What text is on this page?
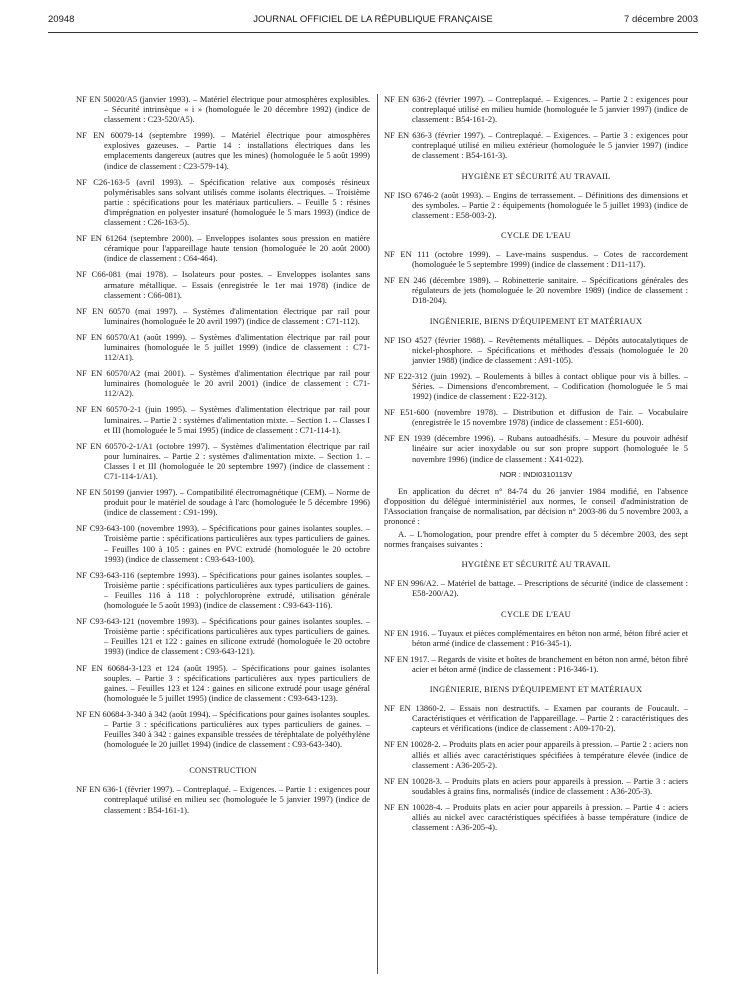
20948	JOURNAL OFFICIEL DE LA RÉPUBLIQUE FRANÇAISE	7 décembre 2003
NF EN 50020/A5 (janvier 1993). – Matériel électrique pour atmosphères explosibles. – Sécurité intrinsèque « i » (homologuée le 20 décembre 1992) (indice de classement : C23-520/A5).
NF EN 60079-14 (septembre 1999). – Matériel électrique pour atmosphères explosives gazeuses. – Partie 14 : installations électriques dans les emplacements dangereux (autres que les mines) (homologuée le 5 août 1999) (indice de classement : C23-579-14).
NF C26-163-5 (avril 1993). – Spécification relative aux composés résineux polymérisables sans solvant utilisés comme isolants électriques. – Troisième partie : spécifications pour les matériaux particuliers. – Feuille 5 : résines d'imprégnation en polyester insaturé (homologuée le 5 mars 1993) (indice de classement : C26-163-5).
NF EN 61264 (septembre 2000). – Enveloppes isolantes sous pression en matière céramique pour l'appareillage haute tension (homologuée le 20 août 2000) (indice de classement : C64-464).
NF C66-081 (mai 1978). – Isolateurs pour postes. – Enveloppes isolantes sans armature métallique. – Essais (enregistrée le 1er mai 1978) (indice de classement : C66-081).
NF EN 60570 (mai 1997). – Systèmes d'alimentation électrique par rail pour luminaires (homologuée le 20 avril 1997) (indice de classement : C71-112).
NF EN 60570/A1 (août 1999). – Systèmes d'alimentation électrique par rail pour luminaires (homologuée le 5 juillet 1999) (indice de classement : C71-112/A1).
NF EN 60570/A2 (mai 2001). – Systèmes d'alimentation électrique par rail pour luminaires (homologuée le 20 avril 2001) (indice de classement : C71-112/A2).
NF EN 60570-2-1 (juin 1995). – Systèmes d'alimentation électrique par rail pour luminaires. – Partie 2 : systèmes d'alimentation mixte. – Section 1. – Classes I et III (homologuée le 5 mai 1995) (indice de classement : C71-114-1).
NF EN 60570-2-1/A1 (octobre 1997). – Systèmes d'alimentation électrique par rail pour luminaires. – Partie 2 : systèmes d'alimentation mixte. – Section 1. – Classes I et III (homologuée le 20 septembre 1997) (indice de classement : C71-114-1/A1).
NF EN 50199 (janvier 1997). – Compatibilité électromagnétique (CEM). – Norme de produit pour le matériel de soudage à l'arc (homologuée le 5 décembre 1996) (indice de classement : C91-199).
NF C93-643-100 (novembre 1993). – Spécifications pour gaines isolantes souples. – Troisième partie : spécifications particulières aux types particuliers de gaines. – Feuilles 100 à 105 : gaines en PVC extrudé (homologuée le 20 octobre 1993) (indice de classement : C93-643-100).
NF C93-643-116 (septembre 1993). – Spécifications pour gaines isolantes souples. – Troisième partie : spécifications particulières aux types particuliers de gaines. – Feuilles 116 à 118 : polychloroprène extrudé, utilisation générale (homologuée le 5 août 1993) (indice de classement : C93-643-116).
NF C93-643-121 (novembre 1993). – Spécifications pour gaines isolantes souples. – Troisième partie : spécifications particulières aux types particuliers de gaines. – Feuilles 121 et 122 : gaines en silicone extrudé (homologuée le 20 octobre 1993) (indice de classement : C93-643-121).
NF EN 60684-3-123 et 124 (août 1995). – Spécifications pour gaines isolantes souples. – Partie 3 : spécifications particulières aux types particuliers de gaines. – Feuilles 123 et 124 : gaines en silicone extrudé pour usage général (homologuée le 5 juillet 1995) (indice de classement : C93-643-123).
NF EN 60684-3-340 à 342 (août 1994). – Spécifications pour gaines isolantes souples. – Partie 3 : spécifications particulières aux types particuliers de gaines. – Feuilles 340 à 342 : gaines expansible tressées de téréphtalate de polyéthylène (homologuée le 20 juillet 1994) (indice de classement : C93-643-340).
CONSTRUCTION
NF EN 636-1 (février 1997). – Contreplaqué. – Exigences. – Partie 1 : exigences pour contreplaqué utilisé en milieu sec (homologuée le 5 janvier 1997) (indice de classement : B54-161-1).
NF EN 636-2 (février 1997). – Contreplaqué. – Exigences. – Partie 2 : exigences pour contreplaqué utilisé en milieu humide (homologuée le 5 janvier 1997) (indice de classement : B54-161-2).
NF EN 636-3 (février 1997). – Contreplaqué. – Exigences. – Partie 3 : exigences pour contreplaqué utilisé en milieu extérieur (homologuée le 5 janvier 1997) (indice de classement : B54-161-3).
HYGIÈNE ET SÉCURITÉ AU TRAVAIL
NF ISO 6746-2 (août 1993). – Engins de terrassement. – Définitions des dimensions et des symboles. – Partie 2 : équipements (homologuée le 5 juillet 1993) (indice de classement : E58-003-2).
CYCLE DE L'EAU
NF EN 111 (octobre 1999). – Lave-mains suspendus. – Cotes de raccordement (homologuée le 5 septembre 1999) (indice de classement : D11-117).
NF EN 246 (décembre 1989). – Robinetterie sanitaire. – Spécifications générales des régulateurs de jets (homologuée le 20 novembre 1989) (indice de classement : D18-204).
INGÉNIERIE, BIENS D'ÉQUIPEMENT ET MATÉRIAUX
NF ISO 4527 (février 1988). – Revêtements métalliques. – Dépôts autocatalytiques de nickel-phosphore. – Spécifications et méthodes d'essais (homologuée le 20 janvier 1988) (indice de classement : A91-105).
NF E22-312 (juin 1992). – Roulements à billes à contact oblique pour vis à billes. – Séries. – Dimensions d'encombrement. – Codification (homologuée le 5 mai 1992) (indice de classement : E22-312).
NF E51-600 (novembre 1978). – Distribution et diffusion de l'air. – Vocabulaire (enregistrée le 15 novembre 1978) (indice de classement : E51-600).
NF EN 1939 (décembre 1996). – Rubans autoadhésifs. – Mesure du pouvoir adhésif linéaire sur acier inoxydable ou sur son propre support (homologuée le 5 novembre 1996) (indice de classement : X41-022).
NOR : INDI0310113V
En application du décret n° 84-74 du 26 janvier 1984 modifié, en l'absence d'opposition du délégué interministériel aux normes, le conseil d'administration de l'Association française de normalisation, par décision n° 2003-86 du 5 novembre 2003, a prononcé :
A. – L'homologation, pour prendre effet à compter du 5 décembre 2003, des sept normes françaises suivantes :
HYGIÈNE ET SÉCURITÉ AU TRAVAIL
NF EN 996/A2. – Matériel de battage. – Prescriptions de sécurité (indice de classement : E58-200/A2).
CYCLE DE L'EAU
NF EN 1916. – Tuyaux et pièces complémentaires en béton non armé, béton fibré acier et béton armé (indice de classement : P16-345-1).
NF EN 1917. – Regards de visite et boîtes de branchement en béton non armé, béton fibré acier et béton armé (indice de classement : P16-346-1).
INGÉNIERIE, BIENS D'ÉQUIPEMENT ET MATÉRIAUX
NF EN 13860-2. – Essais non destructifs. – Examen par courants de Foucault. – Caractéristiques et vérification de l'appareillage. – Partie 2 : caractéristiques des capteurs et vérifications (indice de classement : A09-170-2).
NF EN 10028-2. – Produits plats en acier pour appareils à pression. – Partie 2 : aciers non alliés et alliés avec caractéristiques spécifiées à température élevée (indice de classement : A36-205-2).
NF EN 10028-3. – Produits plats en aciers pour appareils à pression. – Partie 3 : aciers soudables à grains fins, normalisés (indice de classement : A36-205-3).
NF EN 10028-4. – Produits plats en acier pour appareils à pression. – Partie 4 : aciers alliés au nickel avec caractéristiques spécifiées à basse température (indice de classement : A36-205-4).
